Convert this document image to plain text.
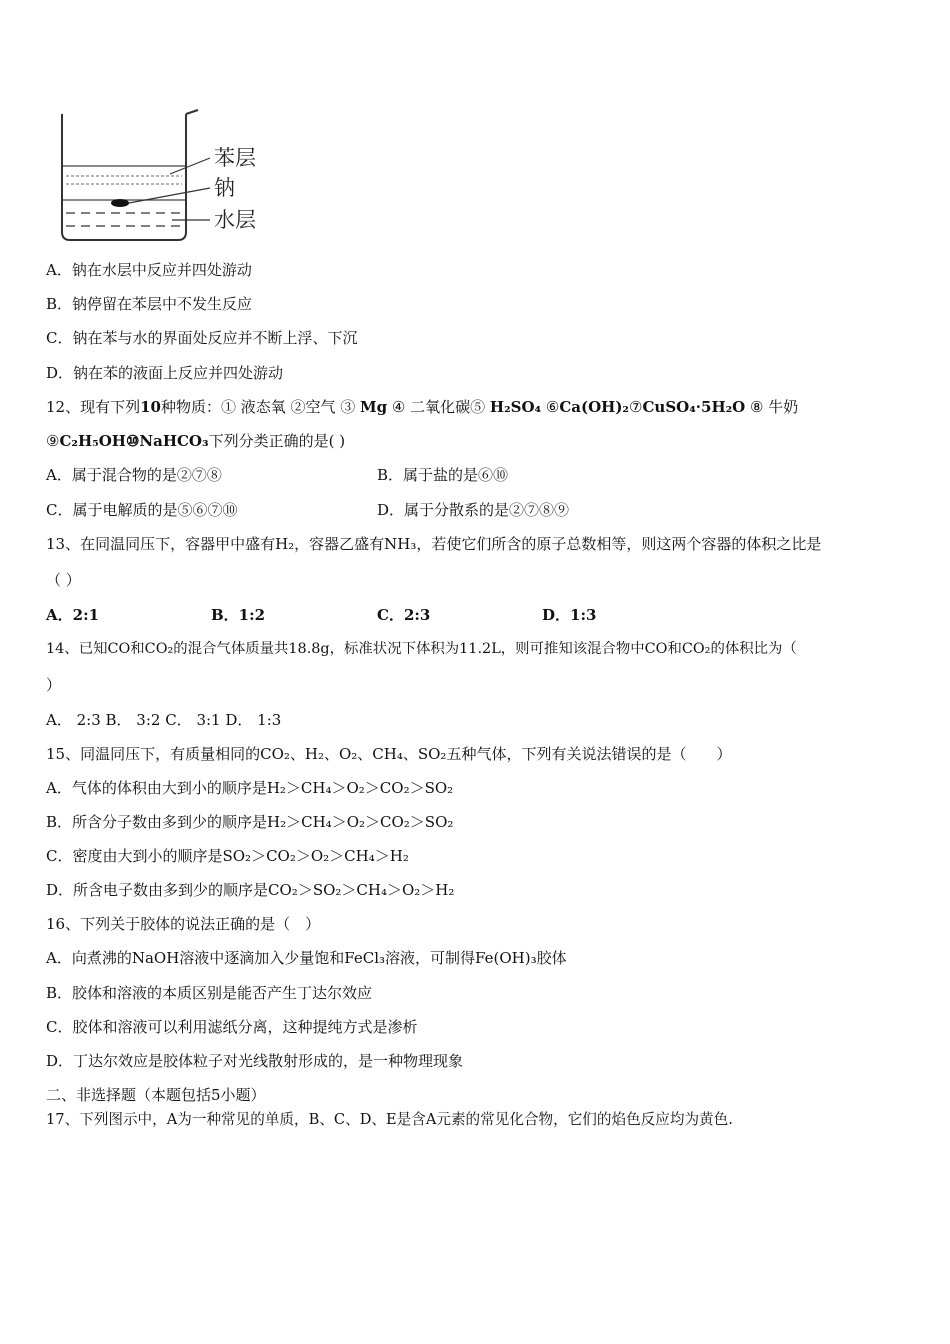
苯层
钠
水层
A．钠在水层中反应并四处游动
B．钠停留在苯层中不发生反应
C．钠在苯与水的界面处反应并不断上浮、下沉
D．钠在苯的液面上反应并四处游动
12、现有下列10种物质：① 液态氧 ②空气 ③ Mg ④ 二氧化碳⑤ H₂SO₄ ⑥Ca(OH)₂⑦CuSO₄·5H₂O ⑧ 牛奶
⑨C₂H₅OH⑩NaHCO₃下列分类正确的是( )
A．属于混合物的是②⑦⑧	B．属于盐的是⑥⑩
C．属于电解质的是⑤⑥⑦⑩	D．属于分散系的是②⑦⑧⑨
13、在同温同压下，容器甲中盛有H₂，容器乙盛有NH₃，若使它们所含的原子总数相等，则这两个容器的体积之比是
（ ）
A．2:1	B．1:2	C．2:3	D．1:3
14、已知CO和CO₂的混合气体质量共18.8g，标准状况下体积为11.2L，则可推知该混合物中CO和CO₂的体积比为（
）
A． 2:3 B． 3:2 C． 3:1 D． 1:3
15、同温同压下，有质量相同的CO₂、H₂、O₂、CH₄、SO₂五种气体，下列有关说法错误的是（　　）
A．气体的体积由大到小的顺序是H₂＞CH₄＞O₂＞CO₂＞SO₂
B．所含分子数由多到少的顺序是H₂＞CH₄＞O₂＞CO₂＞SO₂
C．密度由大到小的顺序是SO₂＞CO₂＞O₂＞CH₄＞H₂
D．所含电子数由多到少的顺序是CO₂＞SO₂＞CH₄＞O₂＞H₂
16、下列关于胶体的说法正确的是（　）
A．向煮沸的NaOH溶液中逐滴加入少量饱和FeCl₃溶液，可制得Fe(OH)₃胶体
B．胶体和溶液的本质区别是能否产生丁达尔效应
C．胶体和溶液可以利用滤纸分离，这种提纯方式是渗析
D．丁达尔效应是胶体粒子对光线散射形成的，是一种物理现象
二、非选择题（本题包括5小题）
17、下列图示中，A为一种常见的单质，B、C、D、E是含A元素的常见化合物，它们的焰色反应均为黄色.
